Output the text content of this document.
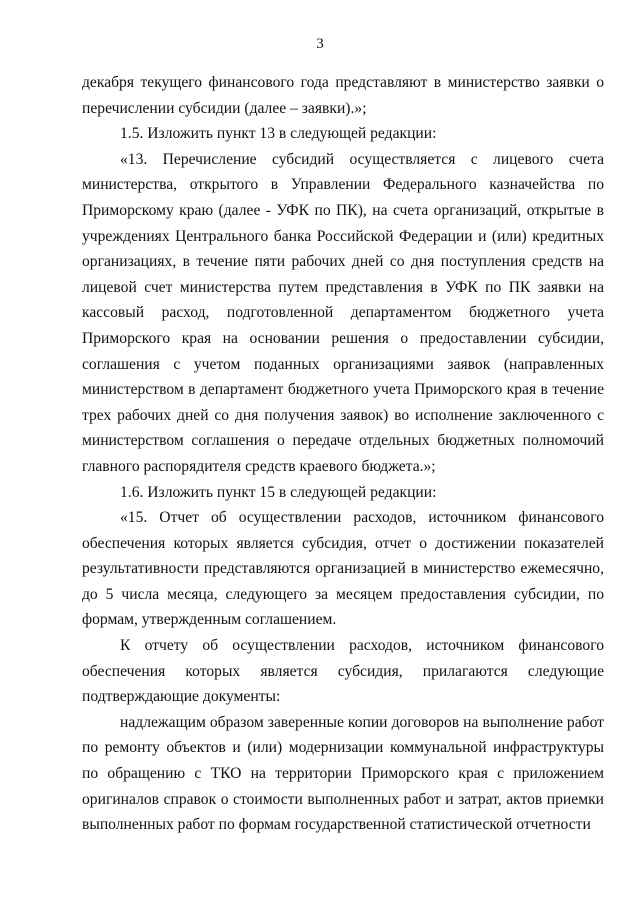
3

декабря текущего финансового года представляют в министерство заявки о перечислении субсидии (далее – заявки).»;

1.5. Изложить пункт 13 в следующей редакции:

«13. Перечисление субсидий осуществляется с лицевого счета министерства, открытого в Управлении Федерального казначейства по Приморскому краю (далее - УФК по ПК), на счета организаций, открытые в учреждениях Центрального банка Российской Федерации и (или) кредитных организациях, в течение пяти рабочих дней со дня поступления средств на лицевой счет министерства путем представления в УФК по ПК заявки на кассовый расход, подготовленной департаментом бюджетного учета Приморского края на основании решения о предоставлении субсидии, соглашения с учетом поданных организациями заявок (направленных министерством в департамент бюджетного учета Приморского края в течение трех рабочих дней со дня получения заявок) во исполнение заключенного с министерством соглашения о передаче отдельных бюджетных полномочий главного распорядителя средств краевого бюджета.»;

1.6. Изложить пункт 15 в следующей редакции:

«15. Отчет об осуществлении расходов, источником финансового обеспечения которых является субсидия, отчет о достижении показателей результативности представляются организацией в министерство ежемесячно, до 5 числа месяца, следующего за месяцем предоставления субсидии, по формам, утвержденным соглашением.

К отчету об осуществлении расходов, источником финансового обеспечения которых является субсидия, прилагаются следующие подтверждающие документы:

надлежащим образом заверенные копии договоров на выполнение работ по ремонту объектов и (или) модернизации коммунальной инфраструктуры по обращению с ТКО на территории Приморского края с приложением оригиналов справок о стоимости выполненных работ и затрат, актов приемки выполненных работ по формам государственной статистической отчетности
